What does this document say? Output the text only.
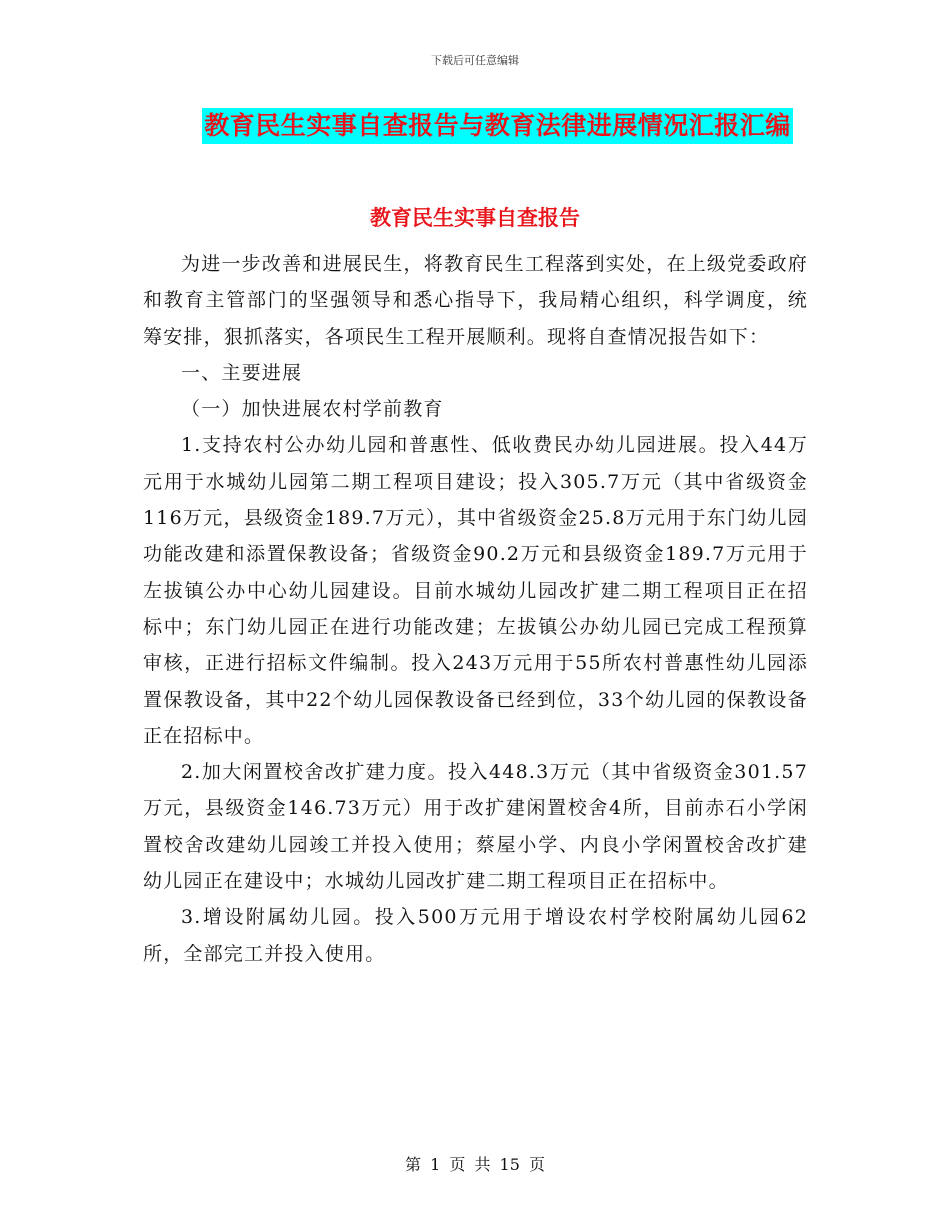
下载后可任意编辑
教育民生实事自查报告与教育法律进展情况汇报汇编
教育民生实事自查报告

为进一步改善和进展民生，将教育民生工程落到实处，在上级党委政府和教育主管部门的坚强领导和悉心指导下，我局精心组织，科学调度，统筹安排，狠抓落实，各项民生工程开展顺利。现将自查情况报告如下：

一、主要进展

（一）加快进展农村学前教育

1.支持农村公办幼儿园和普惠性、低收费民办幼儿园进展。投入44万元用于水城幼儿园第二期工程项目建设；投入305.7万元（其中省级资金116万元，县级资金189.7万元），其中省级资金25.8万元用于东门幼儿园功能改建和添置保教设备；省级资金90.2万元和县级资金189.7万元用于左拔镇公办中心幼儿园建设。目前水城幼儿园改扩建二期工程项目正在招标中；东门幼儿园正在进行功能改建；左拔镇公办幼儿园已完成工程预算审核，正进行招标文件编制。投入243万元用于55所农村普惠性幼儿园添置保教设备，其中22个幼儿园保教设备已经到位，33个幼儿园的保教设备正在招标中。

2.加大闲置校舍改扩建力度。投入448.3万元（其中省级资金301.57万元，县级资金146.73万元）用于改扩建闲置校舍4所，目前赤石小学闲置校舍改建幼儿园竣工并投入使用；蔡屋小学、内良小学闲置校舍改扩建幼儿园正在建设中；水城幼儿园改扩建二期工程项目正在招标中。

3.增设附属幼儿园。投入500万元用于增设农村学校附属幼儿园62所，全部完工并投入使用。

第 1 页 共 15 页
